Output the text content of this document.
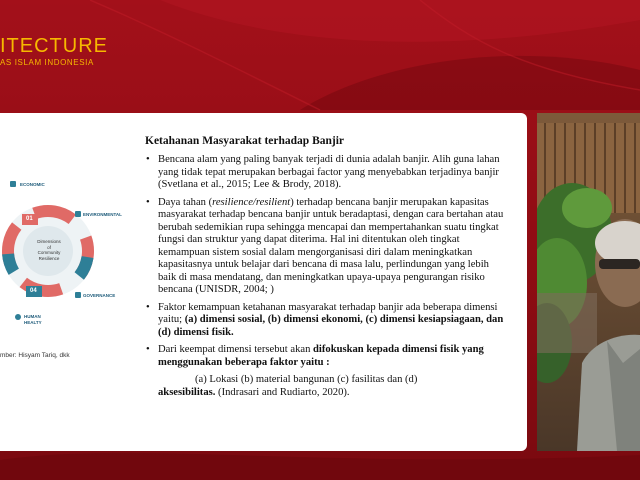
ITECTURE
AS ISLAM INDONESIA
01
04
Dimensions
of
Community
Resilience
ECONOMIC
ENVIRONMENTAL
GOVERNANCE
HUMAN
HEALTY
mber: Hisyam Tariq, dkk
Ketahanan Masyarakat terhadap Banjir
• Bencana alam yang paling banyak terjadi di dunia adalah banjir. Alih guna lahan yang tidak tepat merupakan berbagai factor yang menyebabkan terjadinya banjir (Svetlana et al., 2015; Lee & Brody, 2018).
• Daya tahan (resilience/resilient) terhadap bencana banjir merupakan kapasitas masyarakat terhadap bencana banjir untuk beradaptasi, dengan cara bertahan atau berubah sedemikian rupa sehingga mencapai dan mempertahankan suatu tingkat fungsi dan struktur yang dapat diterima. Hal ini ditentukan oleh tingkat kemampuan sistem sosial dalam mengorganisasi diri dalam meningkatkan kapasitasnya untuk belajar dari bencana di masa lalu, perlindungan yang lebih baik di masa mendatang, dan meningkatkan upaya-upaya pengurangan risiko bencana (UNISDR, 2004; )
• Faktor kemampuan ketahanan masyarakat terhadap banjir ada beberapa dimensi yaitu; (a) dimensi sosial, (b) dimensi ekonomi, (c) dimensi kesiapsiagaan, dan (d) dimensi fisik.
• Dari keempat dimensi tersebut akan difokuskan kepada dimensi fisik yang menggunakan beberapa faktor yaitu :
(a) Lokasi (b) material bangunan (c) fasilitas dan (d)
aksesibilitas. (Indrasari and Rudiarto, 2020).
